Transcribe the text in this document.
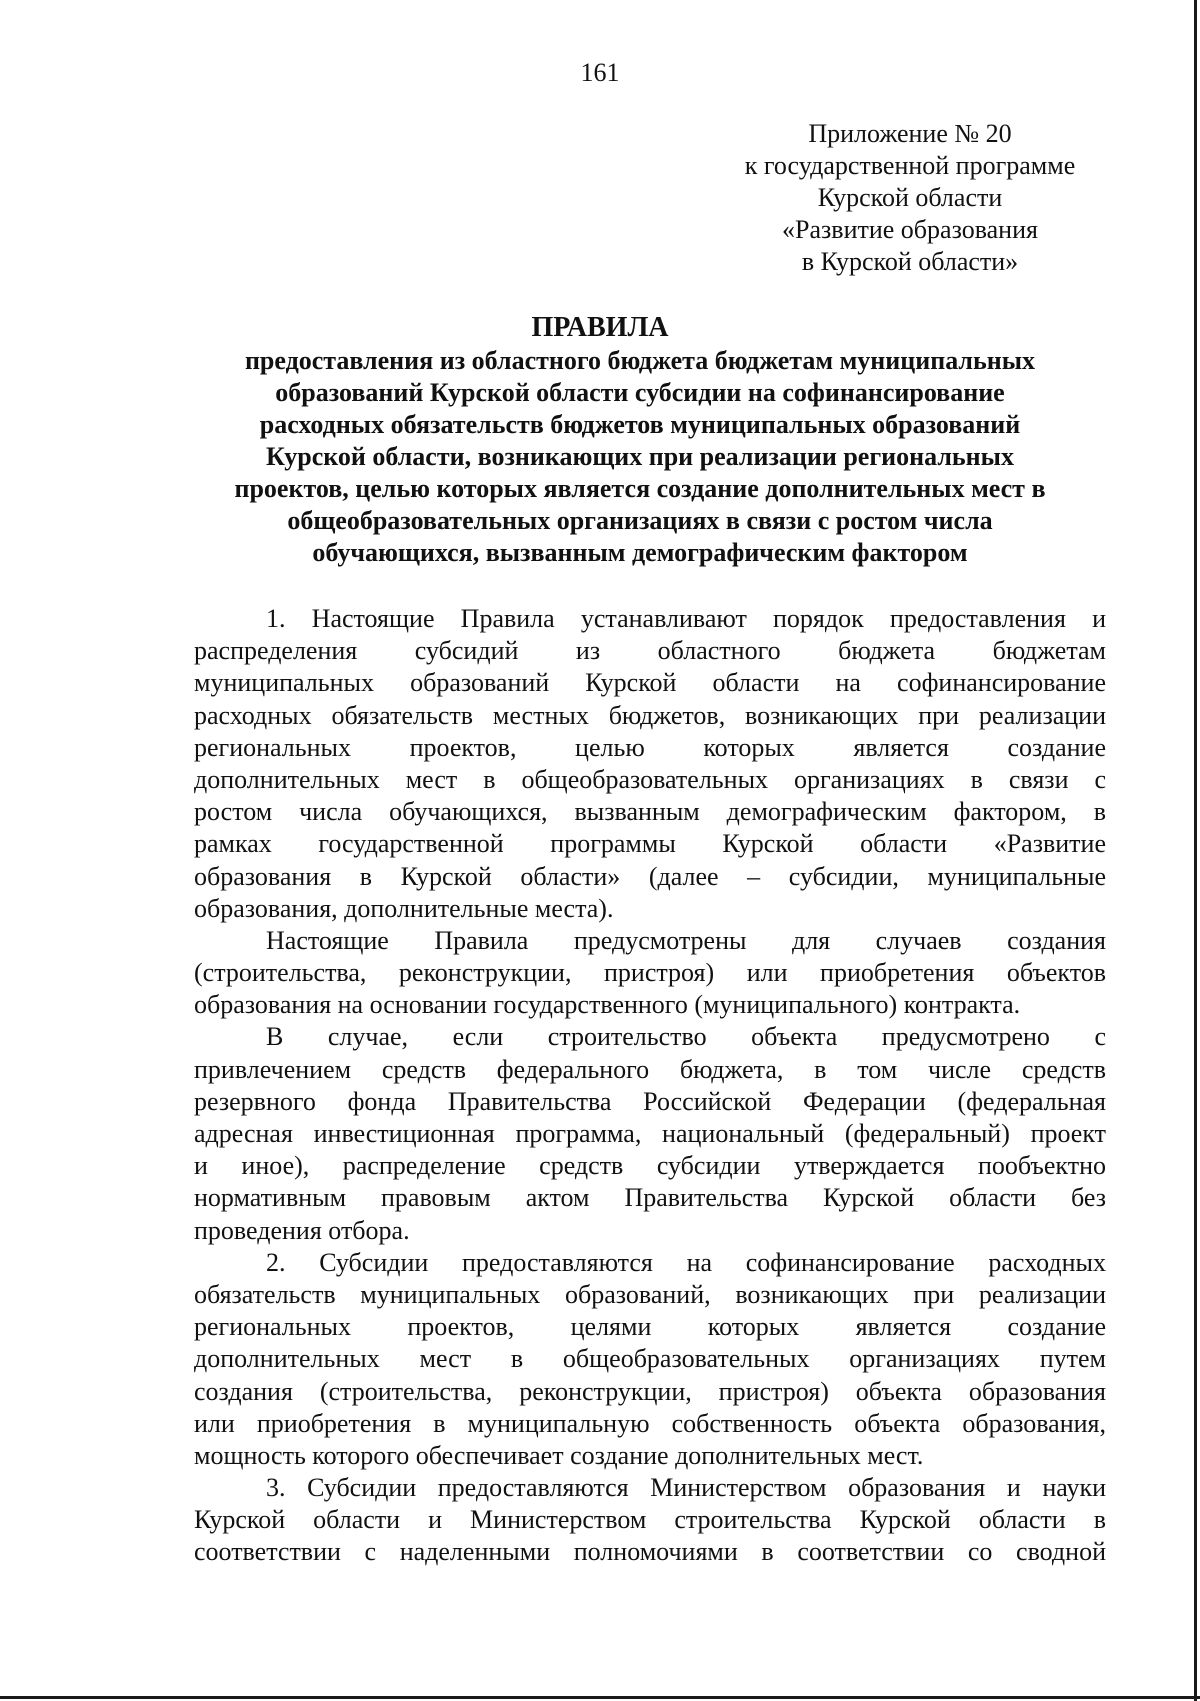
161
Приложение № 20
к государственной программе
Курской области
«Развитие образования
в Курской области»
ПРАВИЛА
предоставления из областного бюджета бюджетам муниципальных
образований Курской области субсидии на софинансирование
расходных обязательств бюджетов муниципальных образований
Курской области, возникающих при реализации региональных
проектов, целью которых является создание дополнительных мест в
общеобразовательных организациях в связи с ростом числа
обучающихся, вызванным демографическим фактором
1. Настоящие Правила устанавливают порядок предоставления и
распределения субсидий из областного бюджета бюджетам
муниципальных образований Курской области на софинансирование
расходных обязательств местных бюджетов, возникающих при реализации
региональных проектов, целью которых является создание
дополнительных мест в общеобразовательных организациях в связи с
ростом числа обучающихся, вызванным демографическим фактором, в
рамках государственной программы Курской области «Развитие
образования в Курской области» (далее – субсидии, муниципальные
образования, дополнительные места).
Настоящие Правила предусмотрены для случаев создания
(строительства, реконструкции, пристроя) или приобретения объектов
образования на основании государственного (муниципального) контракта.
В случае, если строительство объекта предусмотрено с
привлечением средств федерального бюджета, в том числе средств
резервного фонда Правительства Российской Федерации (федеральная
адресная инвестиционная программа, национальный (федеральный) проект
и иное), распределение средств субсидии утверждается пообъектно
нормативным правовым актом Правительства Курской области без
проведения отбора.
2. Субсидии предоставляются на софинансирование расходных
обязательств муниципальных образований, возникающих при реализации
региональных проектов, целями которых является создание
дополнительных мест в общеобразовательных организациях путем
создания (строительства, реконструкции, пристроя) объекта образования
или приобретения в муниципальную собственность объекта образования,
мощность которого обеспечивает создание дополнительных мест.
3. Субсидии предоставляются Министерством образования и науки
Курской области и Министерством строительства Курской области в
соответствии с наделенными полномочиями в соответствии со сводной
